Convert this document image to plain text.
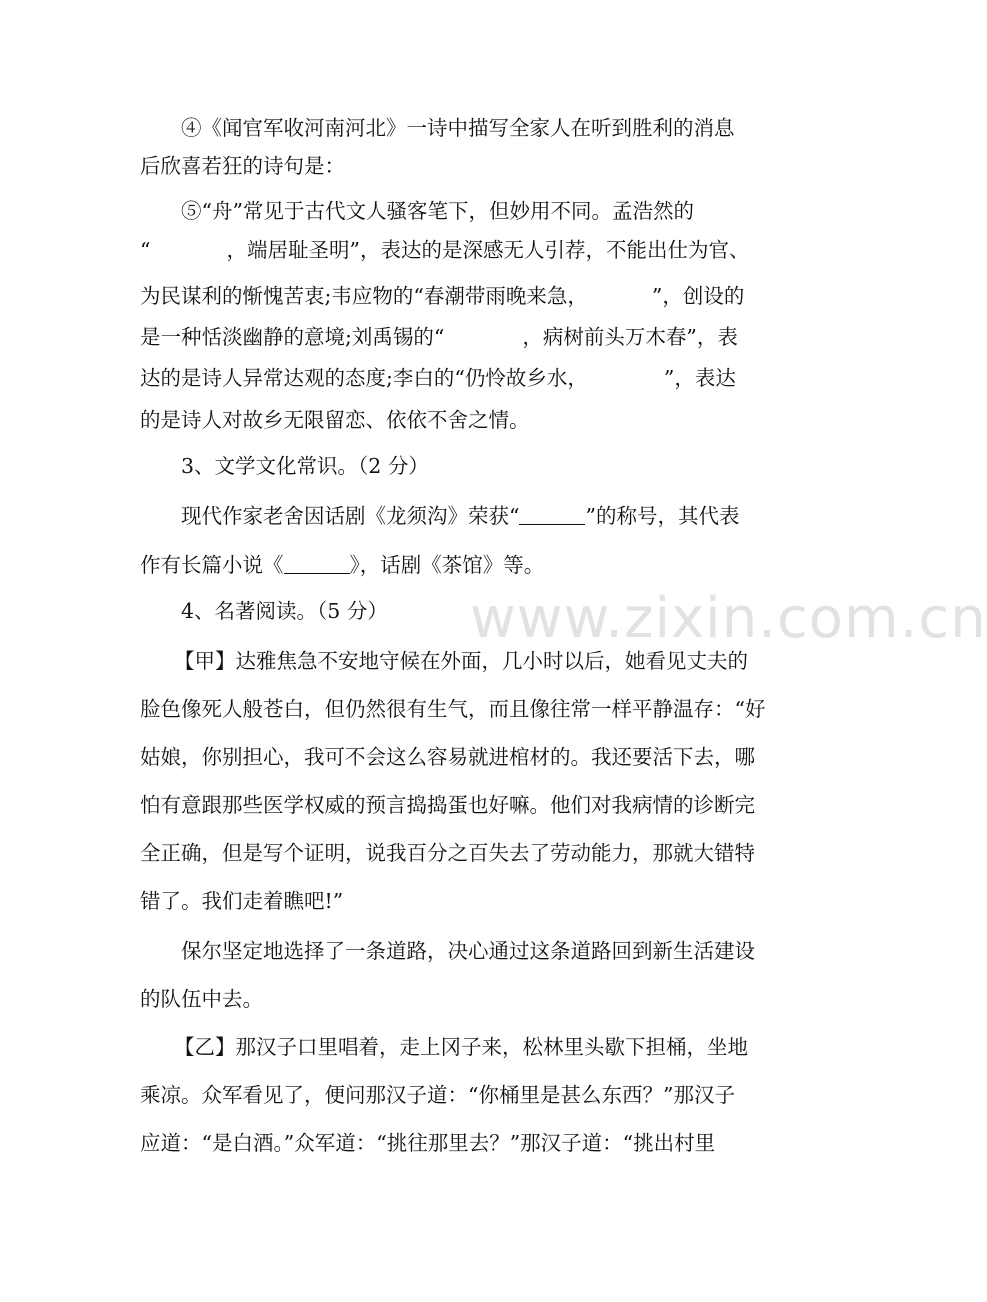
www.zixin.com.cn

④《闻官军收河南河北》一诗中描写全家人在听到胜利的消息

后欣喜若狂的诗句是：

⑤“舟”常见于古代文人骚客笔下，但妙用不同。孟浩然的

“	，端居耻圣明”，表达的是深感无人引荐，不能出仕为官、

为民谋利的惭愧苦衷;韦应物的“春潮带雨晚来急，	”，创设的

是一种恬淡幽静的意境;刘禹锡的“	，病树前头万木春”，表

达的是诗人异常达观的态度;李白的“仍怜故乡水，	”，表达

的是诗人对故乡无限留恋、依依不舍之情。

3、文学文化常识。（2 分）

现代作家老舍因话剧《龙须沟》荣获“	”的称号，其代表

作有长篇小说《	》，话剧《茶馆》等。

4、名著阅读。（5 分）

【甲】达雅焦急不安地守候在外面，几小时以后，她看见丈夫的

脸色像死人般苍白，但仍然很有生气，而且像往常一样平静温存：“好

姑娘，你别担心，我可不会这么容易就进棺材的。我还要活下去，哪

怕有意跟那些医学权威的预言捣捣蛋也好嘛。他们对我病情的诊断完

全正确，但是写个证明，说我百分之百失去了劳动能力，那就大错特

错了。我们走着瞧吧!”

保尔坚定地选择了一条道路，决心通过这条道路回到新生活建设

的队伍中去。

【乙】那汉子口里唱着，走上冈子来，松林里头歇下担桶，坐地

乘凉。众军看见了，便问那汉子道：“你桶里是甚么东西？”那汉子

应道：“是白酒。”众军道：“挑往那里去？”那汉子道：“挑出村里
